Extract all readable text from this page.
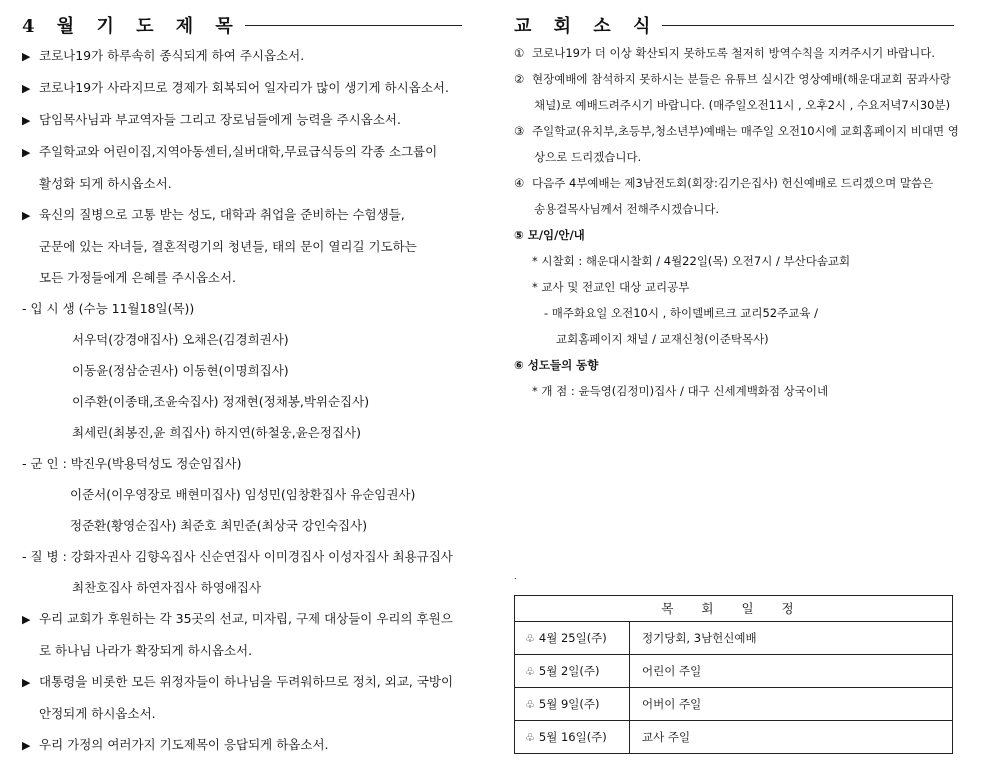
4 월 기 도 제 목
▶ 코로나19가 하루속히 종식되게 하여 주시옵소서.
▶ 코로나19가 사라지므로 경제가 회복되어 일자리가 많이 생기게 하시옵소서.
▶ 담임목사님과 부교역자들 그리고 장로님들에게 능력을 주시옵소서.
▶ 주일학교와 어린이집,지역아동센터,실버대학,무료급식등의 각종 소그룹이
활성화 되게 하시옵소서.
▶ 육신의 질병으로 고통 받는 성도, 대학과 취업을 준비하는 수험생들,
군문에 있는 자녀들, 결혼적령기의 청년들, 태의 문이 열리길 기도하는
모든 가정들에게 은혜를 주시옵소서.
- 입 시 생 (수능 11월18일(목))
서우덕(강경애집사) 오채은(김경희권사)
이동윤(정삼순권사) 이동현(이명희집사)
이주환(이종태,조윤숙집사) 정재현(정채봉,박위순집사)
최세린(최봉진,윤 희집사) 하지연(하철웅,윤은정집사)
- 군 인 : 박진우(박용덕성도 정순임집사)
이준서(이우영장로 배현미집사) 임성민(임창환집사 유순임권사)
정준환(황영순집사) 최준호 최민준(최상국 강인숙집사)
- 질 병 : 강화자권사 김향옥집사 신순연집사 이미경집사 이성자집사 최용규집사
최찬호집사 하연자집사 하영애집사
▶ 우리 교회가 후원하는 각 35곳의 선교, 미자립, 구제 대상들이 우리의 후원으
로 하나님 나라가 확장되게 하시옵소서.
▶ 대통령을 비롯한 모든 위정자들이 하나님을 두려워하므로 정치, 외교, 국방이
안정되게 하시옵소서.
▶ 우리 가정의 여러가지 기도제목이 응답되게 하옵소서.
교 회 소 식
① 코로나19가 더 이상 확산되지 못하도록 철저히 방역수칙을 지켜주시기 바랍니다.
② 현장예배에 참석하지 못하시는 분들은 유튜브 실시간 영상예배(해운대교회 꿈과사랑
채널)로 예배드려주시기 바랍니다. (매주일오전11시 , 오후2시 , 수요저녁7시30분)
③ 주일학교(유치부,초등부,청소년부)예배는 매주일 오전10시에 교회홈페이지 비대면 영
상으로 드리겠습니다.
④ 다음주 4부예배는 제3남전도회(회장:김기은집사) 헌신예배로 드리겠으며 말씀은
송용걸목사님께서 전해주시겠습니다.
⑤ 모/임/안/내
* 시찰회 : 해운대시찰회 / 4월22일(목) 오전7시 / 부산다솜교회
* 교사 및 전교인 대상 교리공부
- 매주화요일 오전10시 , 하이델베르크 교리52주교육 /
교회홈페이지 채널 / 교재신청(이준탁목사)
⑥ 성도들의 동향
* 개 점 : 윤득영(김정미)집사 / 대구 신세계백화점 상국이네
.
목 회 일 정
♧ 4월 25일(주)	정기당회, 3남헌신예배
♧ 5월 2일(주)	어린이 주일
♧ 5월 9일(주)	어버이 주일
♧ 5월 16일(주)	교사 주일
